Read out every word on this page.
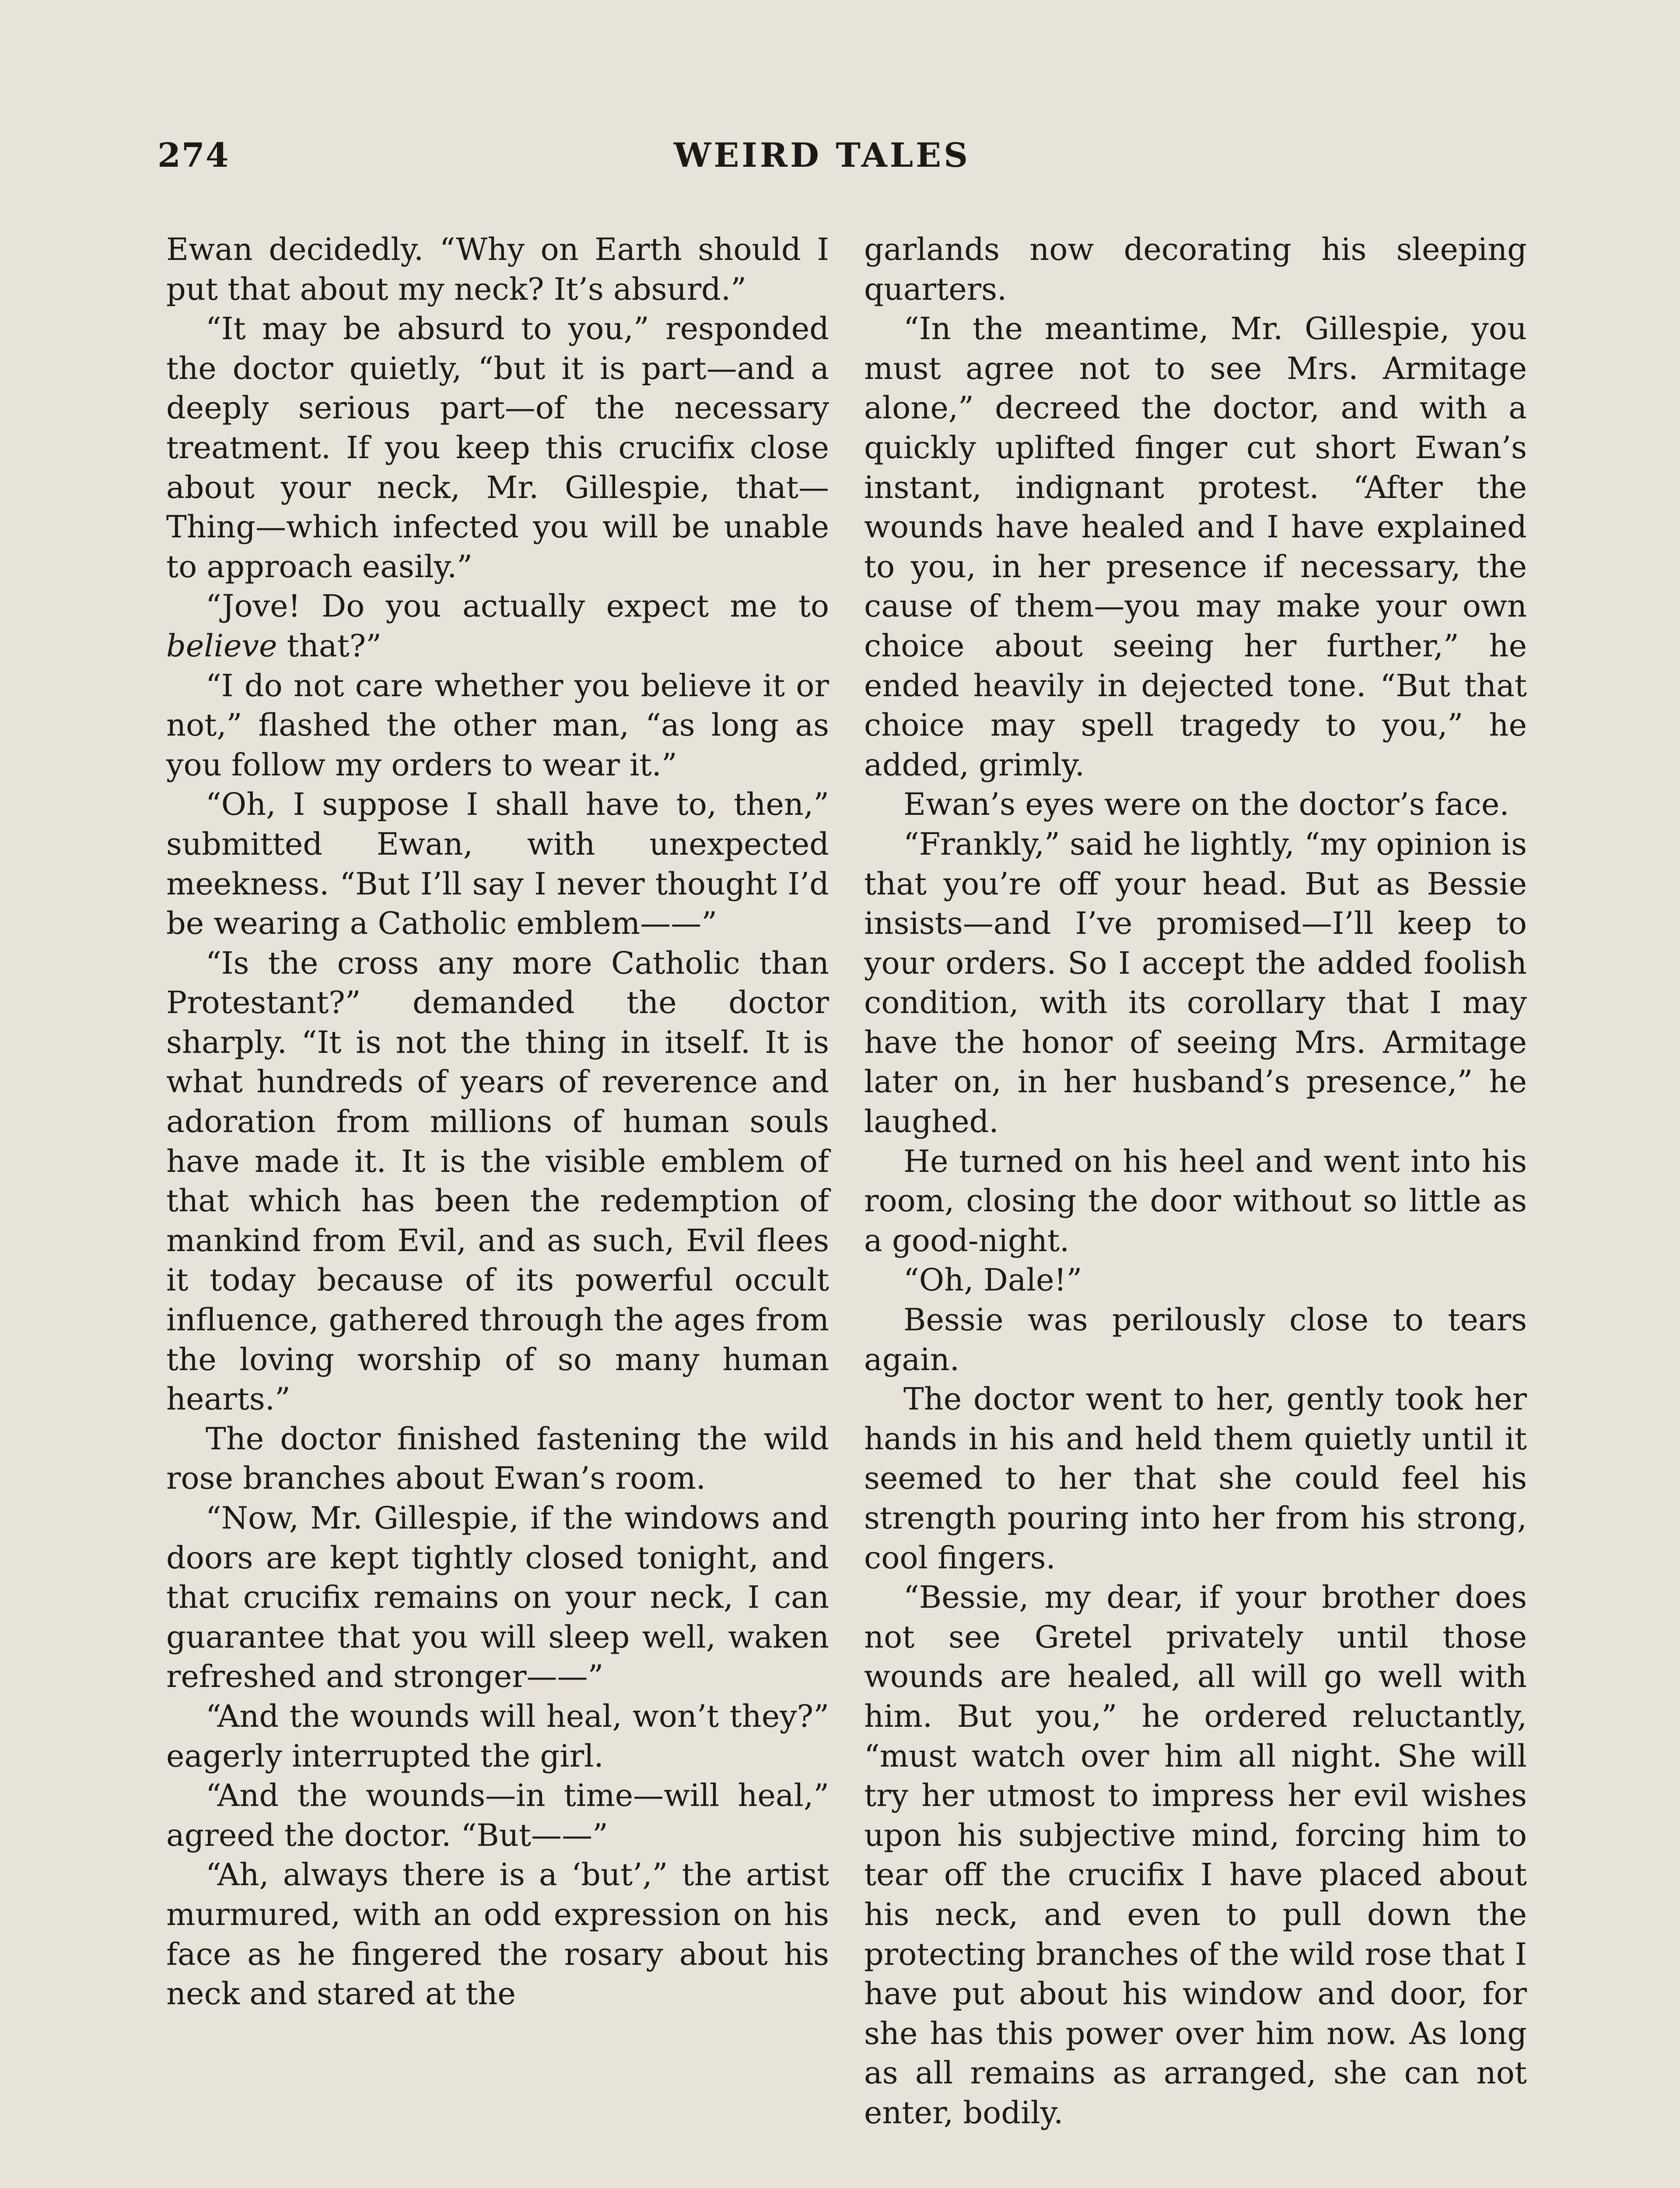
274	WEIRD TALES

Ewan decidedly. “Why on Earth should I put that about my neck? It’s absurd.”

“It may be absurd to you,” responded the doctor quietly, “but it is part—and a deeply serious part—of the necessary treatment. If you keep this crucifix close about your neck, Mr. Gillespie, that—Thing—which infected you will be unable to approach easily.”

“Jove! Do you actually expect me to believe that?”

“I do not care whether you believe it or not,” flashed the other man, “as long as you follow my orders to wear it.”

“Oh, I suppose I shall have to, then,” submitted Ewan, with unexpected meekness. “But I’ll say I never thought I’d be wearing a Catholic emblem——”

“Is the cross any more Catholic than Protestant?” demanded the doctor sharply. “It is not the thing in itself. It is what hundreds of years of reverence and adoration from millions of human souls have made it. It is the visible emblem of that which has been the redemption of mankind from Evil, and as such, Evil flees it today because of its powerful occult influence, gathered through the ages from the loving worship of so many human hearts.”

The doctor finished fastening the wild rose branches about Ewan’s room.

“Now, Mr. Gillespie, if the windows and doors are kept tightly closed tonight, and that crucifix remains on your neck, I can guarantee that you will sleep well, waken refreshed and stronger——”

“And the wounds will heal, won’t they?” eagerly interrupted the girl.

“And the wounds—in time—will heal,” agreed the doctor. “But——”

“Ah, always there is a ‘but’,” the artist murmured, with an odd expression on his face as he fingered the rosary about his neck and stared at the

garlands now decorating his sleeping quarters.

“In the meantime, Mr. Gillespie, you must agree not to see Mrs. Armitage alone,” decreed the doctor, and with a quickly uplifted finger cut short Ewan’s instant, indignant protest. “After the wounds have healed and I have explained to you, in her presence if necessary, the cause of them—you may make your own choice about seeing her further,” he ended heavily in dejected tone. “But that choice may spell tragedy to you,” he added, grimly.

Ewan’s eyes were on the doctor’s face.

“Frankly,” said he lightly, “my opinion is that you’re off your head. But as Bessie insists—and I’ve promised—I’ll keep to your orders. So I accept the added foolish condition, with its corollary that I may have the honor of seeing Mrs. Armitage later on, in her husband’s presence,” he laughed.

He turned on his heel and went into his room, closing the door without so little as a good-night.

“Oh, Dale!”

Bessie was perilously close to tears again.

The doctor went to her, gently took her hands in his and held them quietly until it seemed to her that she could feel his strength pouring into her from his strong, cool fingers.

“Bessie, my dear, if your brother does not see Gretel privately until those wounds are healed, all will go well with him. But you,” he ordered reluctantly, “must watch over him all night. She will try her utmost to impress her evil wishes upon his subjective mind, forcing him to tear off the crucifix I have placed about his neck, and even to pull down the protecting branches of the wild rose that I have put about his window and door, for she has this power over him now. As long as all remains as arranged, she can not enter, bodily.
